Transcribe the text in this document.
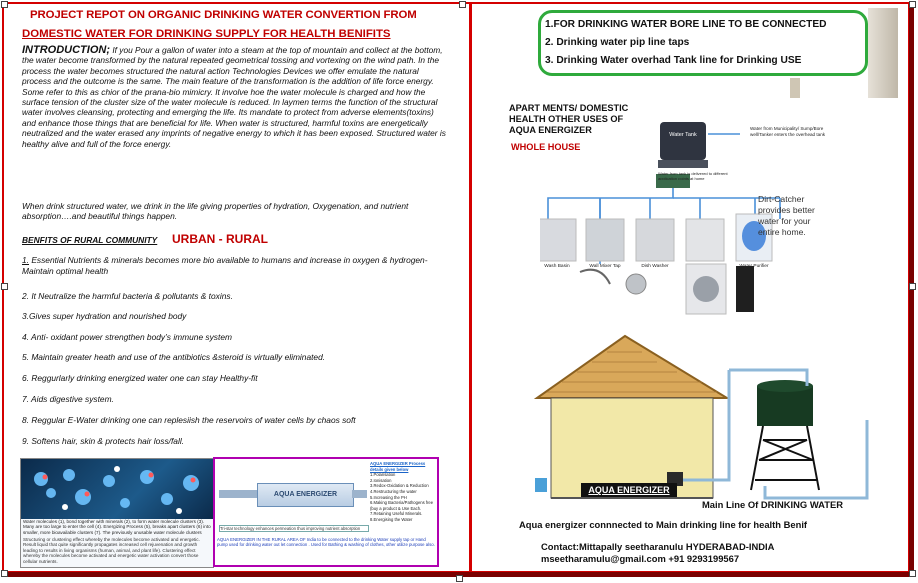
PROJECT REPOT ON ORGANIC DRINKING WATER CONVERTION FROM
DOMESTIC WATER FOR DRINKING SUPPLY FOR HEALTH BENIFITS
INTRODUCTION; If you Pour a gallon of water into a steam at the top of mountain and collect at the bottom, the water become transformed by the natural repeated geometrical tossing and vortexing on the wind path. In the process the water becomes structured the natural action Technologies Devices we offer emulate the natural process and the outcome is the same. The main feature of the transformation is the addition of life force energy. Some refer to this as chior of the prana-bio mimicry. It involve hoe the water molecule is charged and how the surface tension of the cluster size of the water molecule is reduced. In laymen terms the function of the structural water involves cleansing, protecting and emerging the life. Its mandate to protect from adverse elements(toxins) and enhance those things that are beneficial for life. When water is structured, harmful toxins are energetically neutralized and the water erased any imprints of negative energy to which it has been exposed. Structured water is healthy alive and full of the force energy.
When drink structured water, we drink in the life giving properties of hydration, Oxygenation, and nutrient absorption….and beautiful things happen.
BENFITS OF RURAL COMMUNITY URBAN - RURAL
1. Essential Nutrients & minerals becomes more bio available to humans and increase in oxygen & hydrogen-Maintain optimal health
2. It Neutralize the harmful bacteria & pollutants & toxins.
3.Gives super hydration and nourished body
4. Anti- oxidant power strengthen body’s immune system
5. Maintain greater heath and use of the antibiotics &steroid is virtually eliminated.
6. Reggurlarly drinking energized water one can stay Healthy-fit
7. Aids digestive system.
8. Reggular E-Water drinking one can replesiish the reservoirs of water cells by chaos soft
9. Softens hair, skin & protects hair loss/fall.
Water molecules (1), bond together with minerals (2), to form water molecule clusters (3). Many are too large to enter the cell (4). Energizing Process (5), breaks apart clusters (6) into smaller, more bioavailable clusters (7). The previously unusable water molecule clusters
Structuring or clustering effect whereby the molecules become activated and energetic. Result liquid that quite significantly propagates increased cell rejuvenation and growth leading to results in living organisms (human, animal, and plant life). Clustering effect whereby the molecules become activated and energetic water activation convert those cellular nutrients.
AQUA ENERGIZER
AQUA ENERGIZER Process details given below
1.Polarisation
2.Ionisation
3.Redox-Oxidation & Reduction
4.Restructuring the water
5.Increasing the PH
6.Making Bacteria/Pathogens free (buy a product & Use Each.
7.Retaining Useful Minerals.
8.Energising the Water
Tri-star technology enhances permeation thus improving nutrient absorption
AQUA ENERGIZER IN THE RURAL AREA OF India to be connected to the drinking Water supply tap or Hand pump used for drinking water out let connection . Used for Bathing & washing of clothes, other utilize purpose also.
1.FOR DRINKING WATER BORE LINE TO BE CONNECTED
2. Drinking water pip line taps
3. Drinking Water overhad Tank line for Drinking USE
Water Tank
Wash Basin	Wall Mixer Tap	Dish Washer	Water Purifier
Water from Municipality/ Sump/Bore well/Tanker enters the overhead tank
Water from tank is delivered to different application points at home
APART MENTS/ DOMESTIC
HEALTH OTHER USES OF
AQUA ENERGIZER
WHOLE HOUSE
Dirt-Catcher provides better water for your entire home.
AQUA ENERGIZER
Main Line Of DRINKING WATER
Aqua energizer connnected to Main drinking line for health Benif
Contact:Mittapally seetharanulu HYDERABAD-INDIA
mseetharamulu@gmail.com +91 9293199567
